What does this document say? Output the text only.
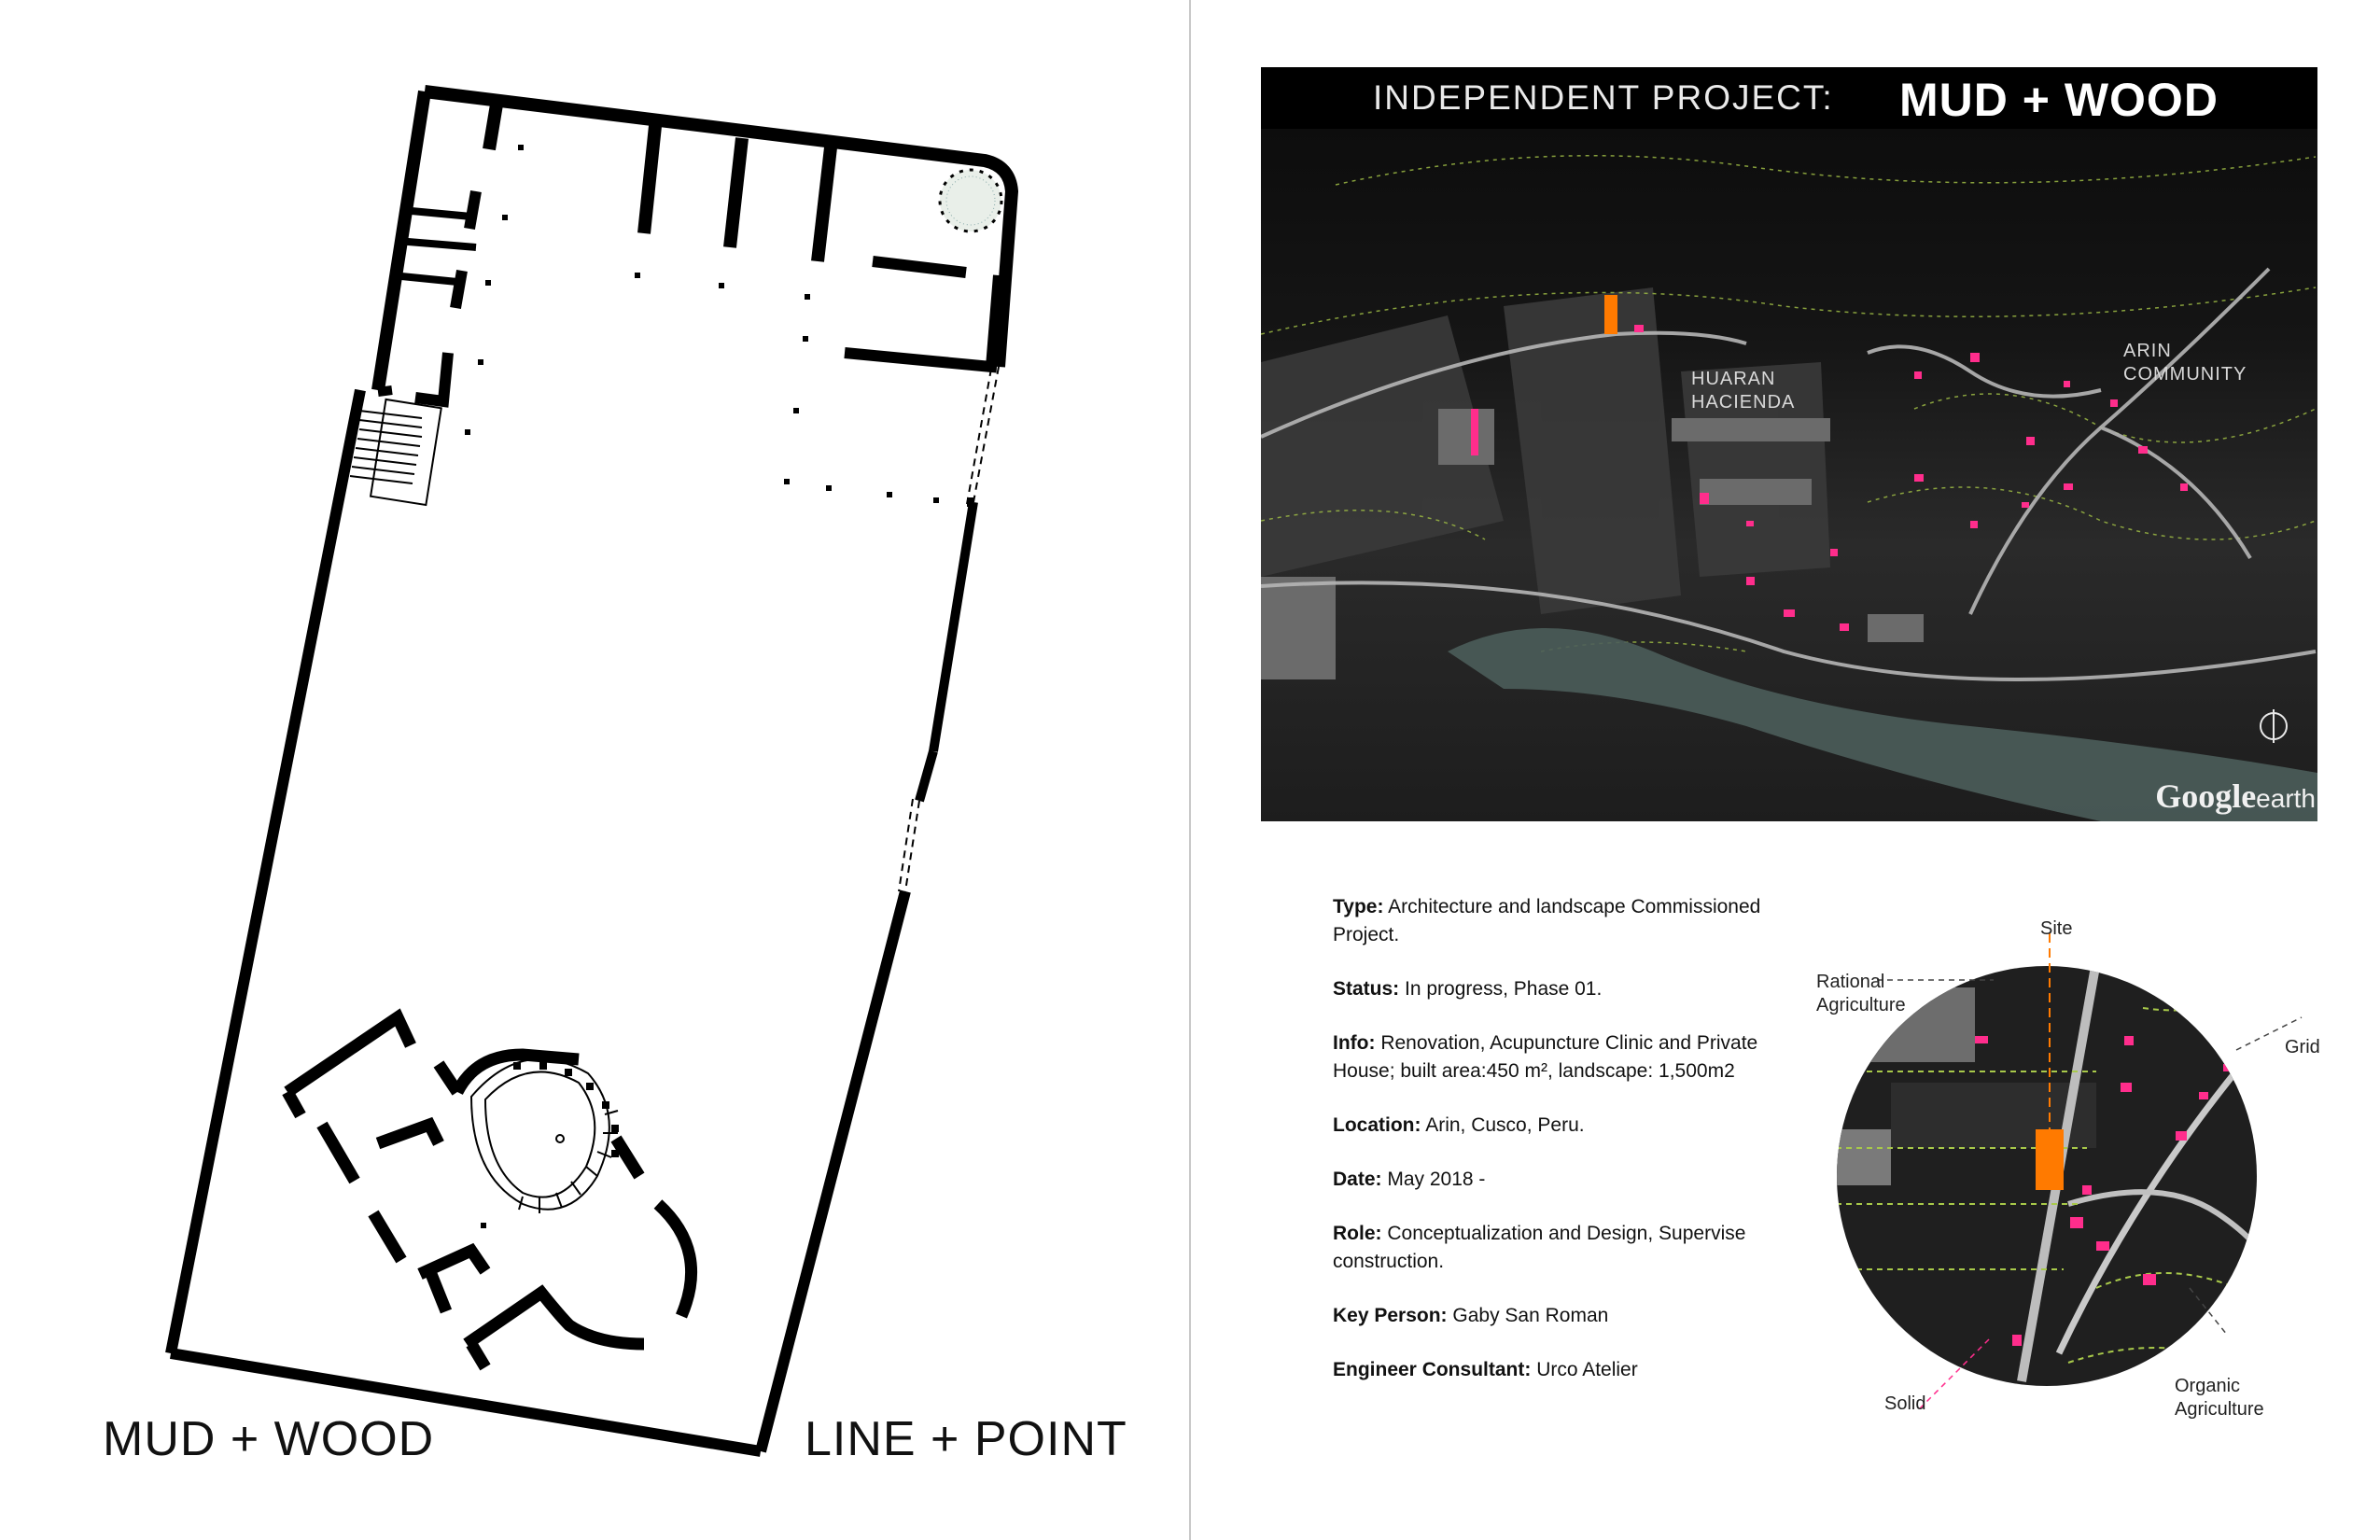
MUD + WOOD	LINE + POINT
INDEPENDENT PROJECT: MUD + WOOD
HUARAN
HACIENDA
ARIN
COMMUNITY
Googleearth
Type: Architecture and landscape Commissioned Project.
Status: In progress, Phase 01.
Info: Renovation, Acupuncture Clinic and Private House; built area:450 m², landscape: 1,500m2
Location: Arin, Cusco, Peru.
Date: May 2018 -
Role: Conceptualization and Design, Supervise construction.
Key Person: Gaby San Roman
Engineer Consultant: Urco Atelier
Site
Rational
Agriculture
Grid
Solid
Organic
Agriculture
